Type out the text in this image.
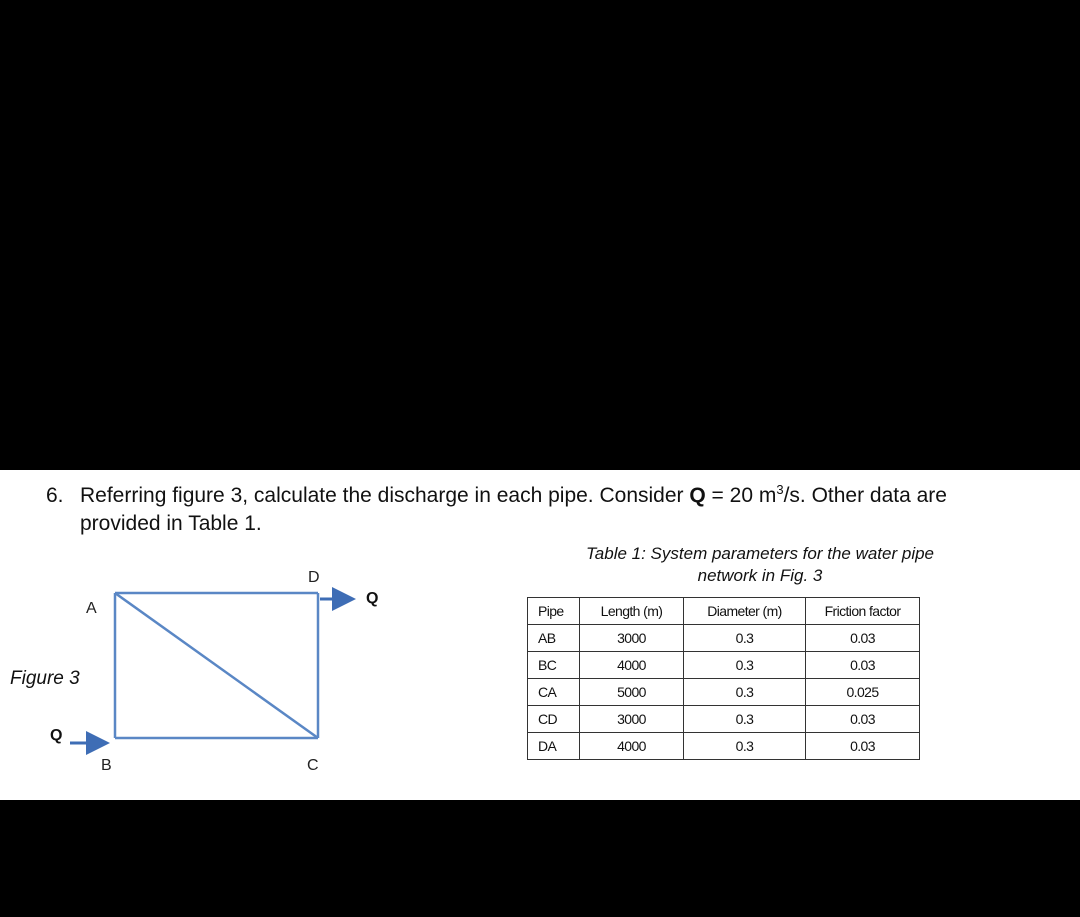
6. Referring figure 3, calculate the discharge in each pipe. Consider Q = 20 $m^3/s$. Other data are
provided in Table 1.
Figure 3
A
B	C
D
Q
Q
Table 1: System parameters for the water pipe
network in Fig. 3
Pipe	Length (m)	Diameter (m)	Friction factor
AB	3000	0.3	0.03
BC	4000	0.3	0.03
CA	5000	0.3	0.025
CD	3000	0.3	0.03
DA	4000	0.3	0.03
